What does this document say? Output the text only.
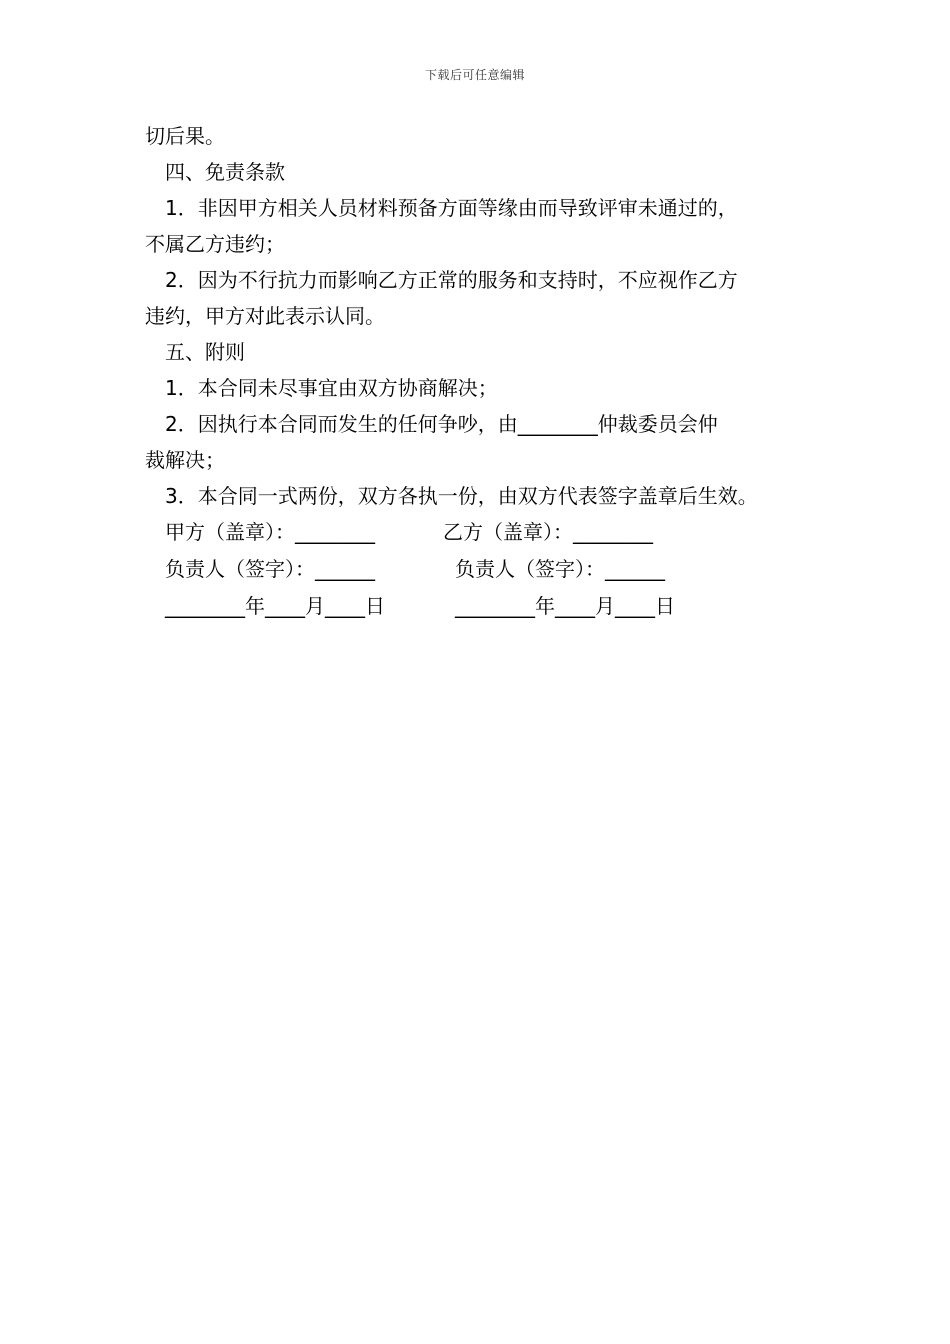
下载后可任意编辑
切后果。
四、免责条款
1．非因甲方相关人员材料预备方面等缘由而导致评审未通过的，
不属乙方违约；
2．因为不行抗力而影响乙方正常的服务和支持时，不应视作乙方
违约，甲方对此表示认同。
五、附则
1．本合同未尽事宜由双方协商解决；
2．因执行本合同而发生的任何争吵，由________仲裁委员会仲
裁解决；
3．本合同一式两份，双方各执一份，由双方代表签字盖章后生效。
甲方（盖章）：________	乙方（盖章）：________
负责人（签字）：______	负责人（签字）：______
________年____月____日	________年____月____日
